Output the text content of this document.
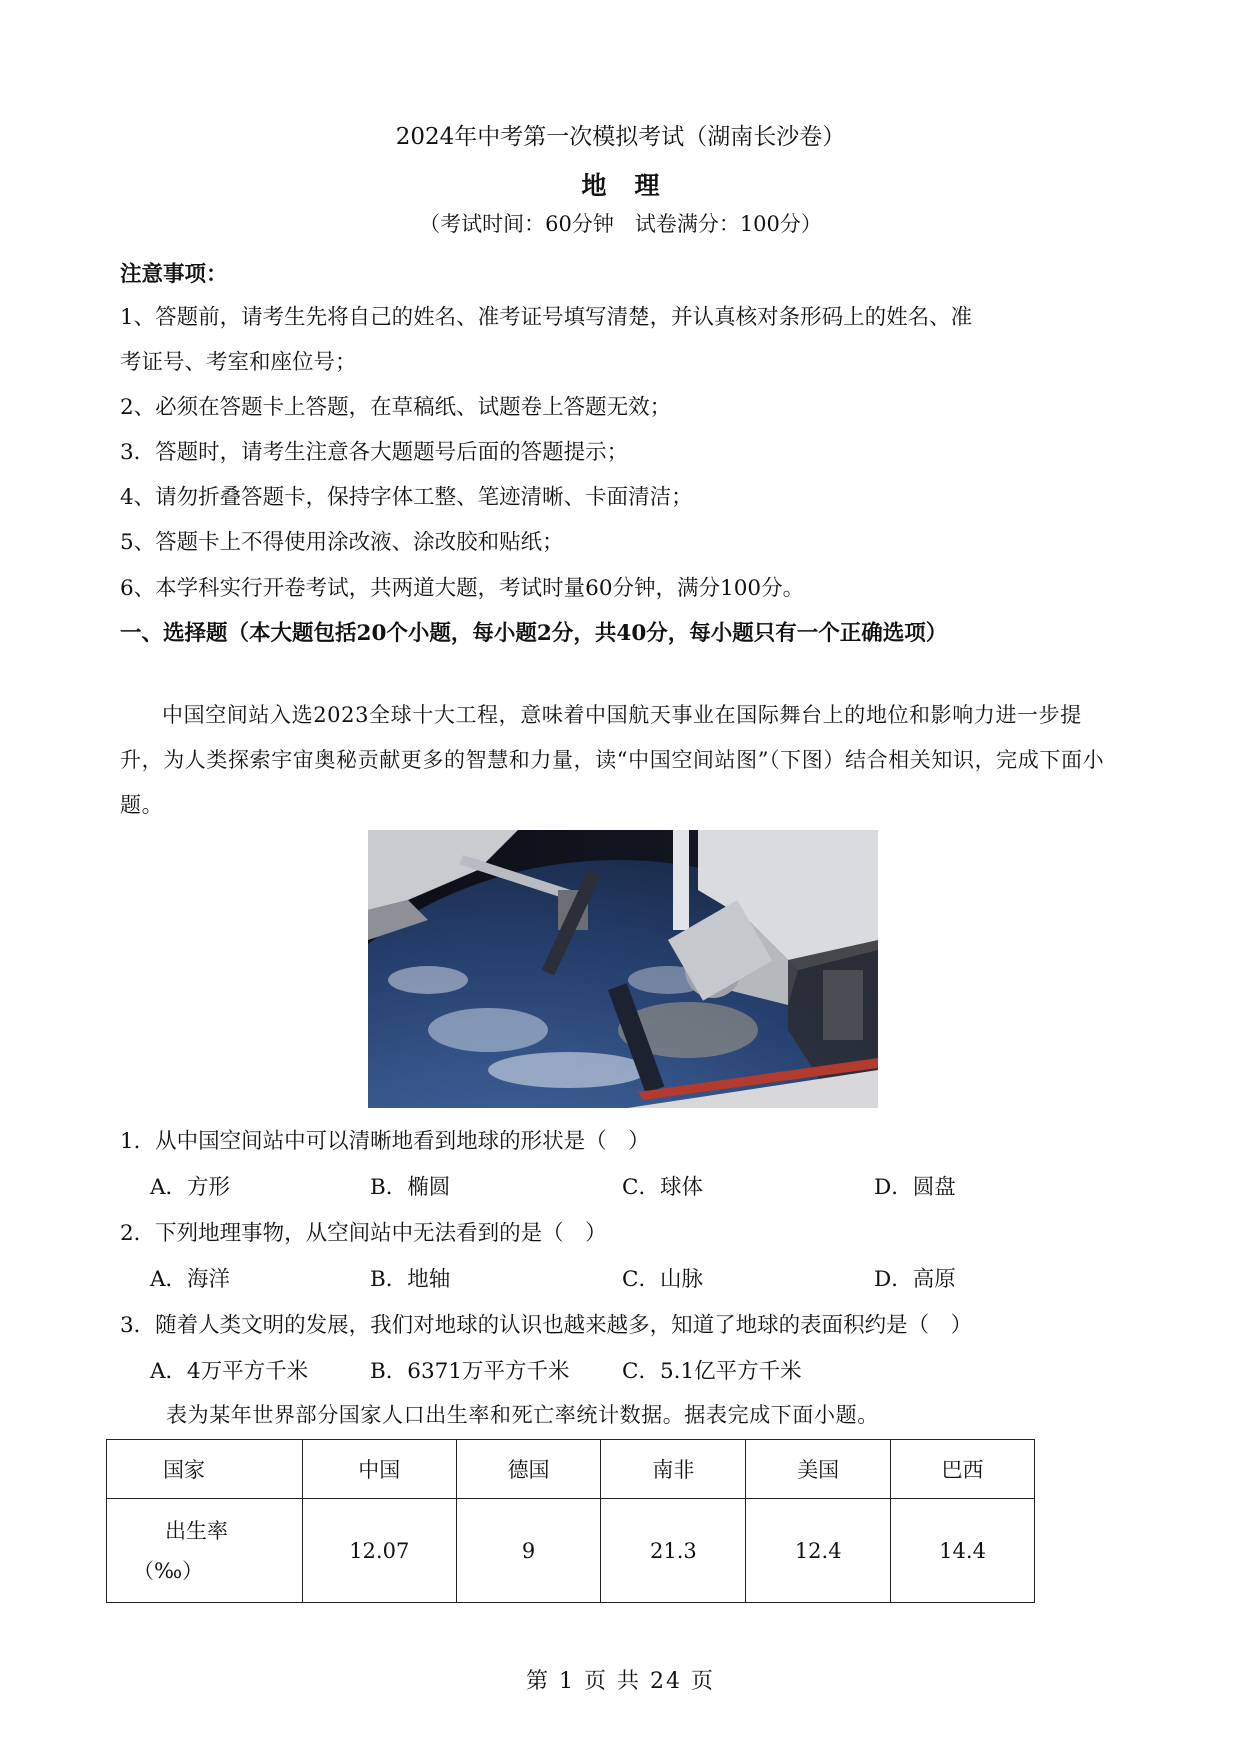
2024年中考第一次模拟考试（湖南长沙卷）
地理
（考试时间：60分钟　试卷满分：100分）
注意事项：
1、答题前，请考生先将自己的姓名、准考证号填写清楚，并认真核对条形码上的姓名、准
考证号、考室和座位号；
2、必须在答题卡上答题，在草稿纸、试题卷上答题无效；
3．答题时，请考生注意各大题题号后面的答题提示；
4、请勿折叠答题卡，保持字体工整、笔迹清晰、卡面清洁；
5、答题卡上不得使用涂改液、涂改胶和贴纸；
6、本学科实行开卷考试，共两道大题，考试时量60分钟，满分100分。
一、选择题（本大题包括20个小题，每小题2分，共40分，每小题只有一个正确选项）
中国空间站入选2023全球十大工程，意味着中国航天事业在国际舞台上的地位和影响力进一步提升，为人类探索宇宙奥秘贡献更多的智慧和力量，读“中国空间站图”（下图）结合相关知识，完成下面小题。
1．从中国空间站中可以清晰地看到地球的形状是（　）
A．方形	B．椭圆	C．球体	D．圆盘
2．下列地理事物，从空间站中无法看到的是（　）
A．海洋	B．地轴	C．山脉	D．高原
3．随着人类文明的发展，我们对地球的认识也越来越多，知道了地球的表面积约是（　）
A．4万平方千米	B．6371万平方千米 C．5.1亿平方千米
表为某年世界部分国家人口出生率和死亡率统计数据。据表完成下面小题。
国家	中国	德国	南非	美国	巴西

出生率
（‰）	12.07	9	21.3	12.4	14.4
第 1 页 共 24 页
